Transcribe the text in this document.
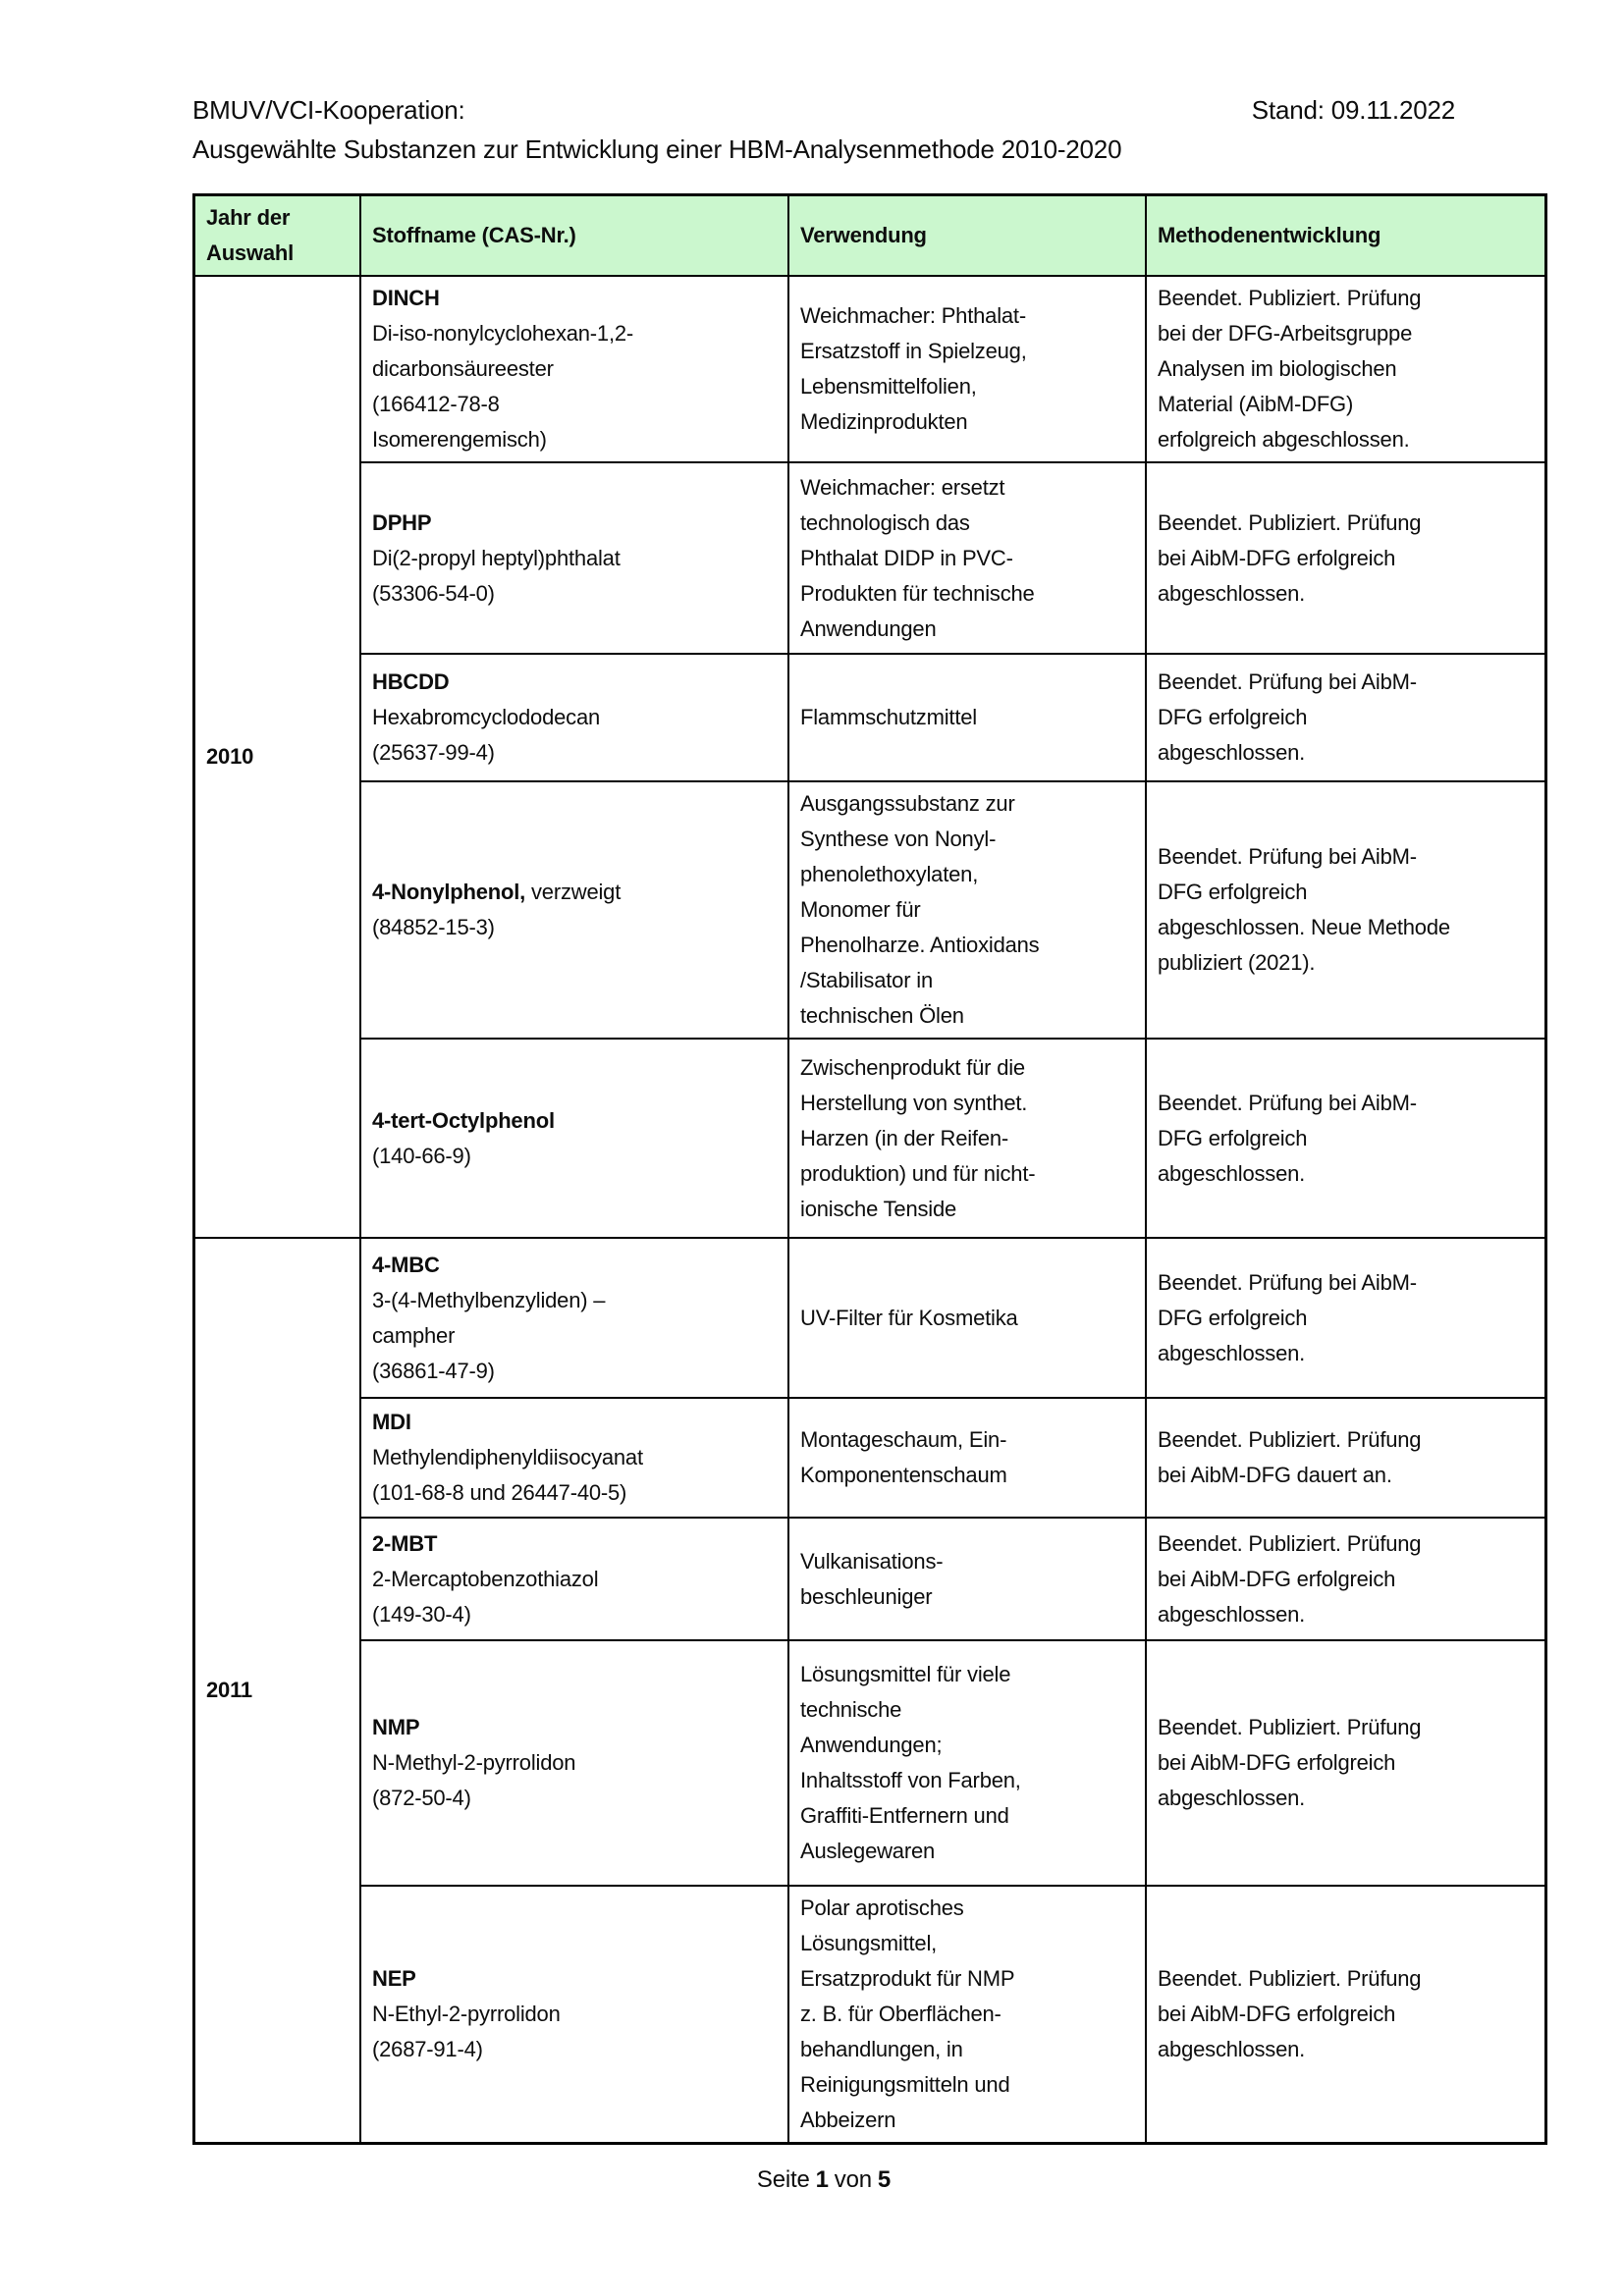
BMUV/VCI-Kooperation:	Stand: 09.11.2022
Ausgewählte Substanzen zur Entwicklung einer HBM-Analysenmethode 2010-2020
Jahr der Auswahl	Stoffname (CAS-Nr.)	Verwendung	Methodenentwicklung
2010	
DINCH
Di-iso-nonylcyclohexan-1,2-
dicarbonsäureester
(166412-78-8
Isomerengemisch)
	Weichmacher: Phthalat-
Ersatzstoff in Spielzeug,
Lebensmittelfolien,
Medizinprodukten	Beendet. Publiziert. Prüfung
bei der DFG-Arbeitsgruppe
Analysen im biologischen
Material (AibM-DFG)
erfolgreich abgeschlossen.

DPHP
Di(2-propyl heptyl)phthalat
(53306-54-0)
	Weichmacher: ersetzt
technologisch das
Phthalat DIDP in PVC-
Produkten für technische
Anwendungen	Beendet. Publiziert. Prüfung
bei AibM-DFG erfolgreich
abgeschlossen.

HBCDD
Hexabromcyclododecan
(25637-99-4)
	Flammschutzmittel	Beendet. Prüfung bei AibM-
DFG erfolgreich
abgeschlossen.

4-Nonylphenol, verzweigt
(84852-15-3)
	Ausgangssubstanz zur
Synthese von Nonyl-
phenolethoxylaten,
Monomer für
Phenolharze. Antioxidans
/Stabilisator in
technischen Ölen	Beendet. Prüfung bei AibM-
DFG erfolgreich
abgeschlossen. Neue Methode
publiziert (2021).

4-tert-Octylphenol
(140-66-9)
	Zwischenprodukt für die
Herstellung von synthet.
Harzen (in der Reifen-
produktion) und für nicht-
ionische Tenside	Beendet. Prüfung bei AibM-
DFG erfolgreich
abgeschlossen.
2011	
4-MBC
3-(4-Methylbenzyliden) –
campher
(36861-47-9)
	UV-Filter für Kosmetika	Beendet. Prüfung bei AibM-
DFG erfolgreich
abgeschlossen.

MDI
Methylendiphenyldiisocyanat
(101-68-8 und 26447-40-5)
	Montageschaum, Ein-
Komponentenschaum	Beendet. Publiziert. Prüfung
bei AibM-DFG dauert an.

2-MBT
2-Mercaptobenzothiazol
(149-30-4)
	Vulkanisations-
beschleuniger	Beendet. Publiziert. Prüfung
bei AibM-DFG erfolgreich
abgeschlossen.

NMP
N-Methyl-2-pyrrolidon
(872-50-4)
	Lösungsmittel für viele
technische
Anwendungen;
Inhaltsstoff von Farben,
Graffiti-Entfernern und
Auslegewaren	Beendet. Publiziert. Prüfung
bei AibM-DFG erfolgreich
abgeschlossen.

NEP
N-Ethyl-2-pyrrolidon
(2687-91-4)
	Polar aprotisches
Lösungsmittel,
Ersatzprodukt für NMP
z. B. für Oberflächen-
behandlungen, in
Reinigungsmitteln und
Abbeizern	Beendet. Publiziert. Prüfung
bei AibM-DFG erfolgreich
abgeschlossen.
Seite 1 von 5
